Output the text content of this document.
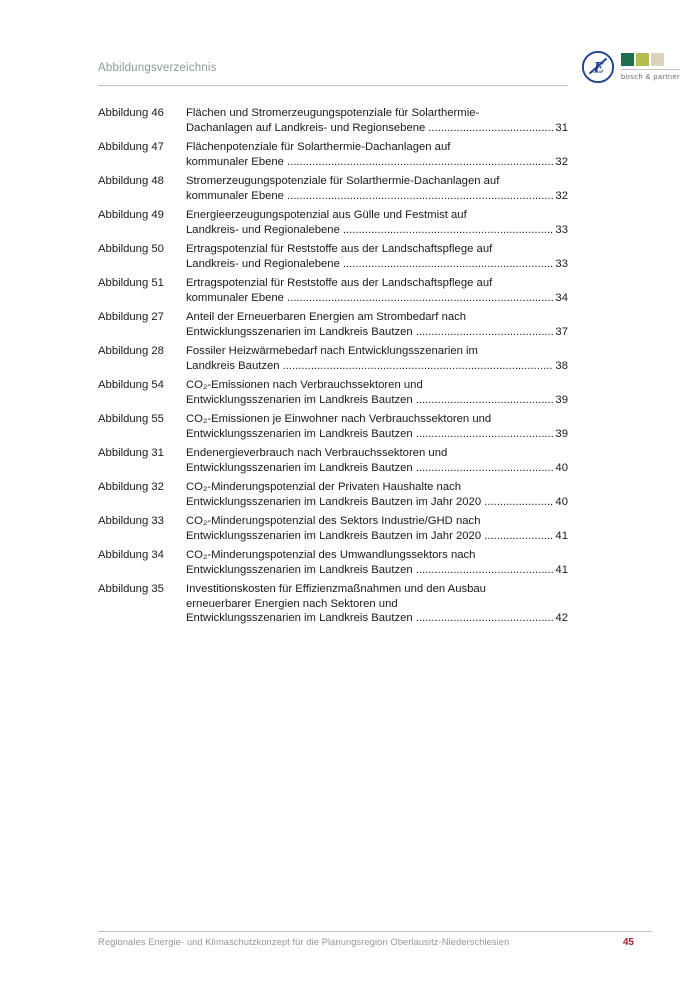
Abbildungsverzeichnis	E bosch & partner
Abbildung 46	Flächen und Stromerzeugungspotenziale für Solarthermie-
Dachanlagen auf Landkreis- und Regionsebene .....	31
Abbildung 47	Flächenpotenziale für Solarthermie-Dachanlagen auf
kommunaler Ebene .....	32
Abbildung 48	Stromerzeugungspotenziale für Solarthermie-Dachanlagen auf
kommunaler Ebene .....	32
Abbildung 49	Energieerzeugungspotenzial aus Gülle und Festmist auf
Landkreis- und Regionalebene .....	33
Abbildung 50	Ertragspotenzial für Reststoffe aus der Landschaftspflege auf
Landkreis- und Regionalebene .....	33
Abbildung 51	Ertragspotenzial für Reststoffe aus der Landschaftspflege auf
kommunaler Ebene .....	34
Abbildung 27	Anteil der Erneuerbaren Energien am Strombedarf nach
Entwicklungsszenarien im Landkreis Bautzen .....	37
Abbildung 28	Fossiler Heizwärmebedarf nach Entwicklungsszenarien im
Landkreis Bautzen .....	38
Abbildung 54	CO₂-Emissionen nach Verbrauchssektoren und
Entwicklungsszenarien im Landkreis Bautzen .....	39
Abbildung 55	CO₂-Emissionen je Einwohner nach Verbrauchssektoren und
Entwicklungsszenarien im Landkreis Bautzen .....	39
Abbildung 31	Endenergieverbrauch nach Verbrauchssektoren und
Entwicklungsszenarien im Landkreis Bautzen .....	40
Abbildung 32	CO₂-Minderungspotenzial der Privaten Haushalte nach
Entwicklungsszenarien im Landkreis Bautzen im Jahr 2020 .....	40
Abbildung 33	CO₂-Minderungspotenzial des Sektors Industrie/GHD nach
Entwicklungsszenarien im Landkreis Bautzen im Jahr 2020 .....	41
Abbildung 34	CO₂-Minderungspotenzial des Umwandlungssektors nach
Entwicklungsszenarien im Landkreis Bautzen .....	41
Abbildung 35	Investitionskosten für Effizienzmaßnahmen und den Ausbau
erneuerbarer Energien nach Sektoren und
Entwicklungsszenarien im Landkreis Bautzen .....	42
Regionales Energie- und Klimaschutzkonzept für die Planungsregion Oberlausitz-Niederschlesien	45
